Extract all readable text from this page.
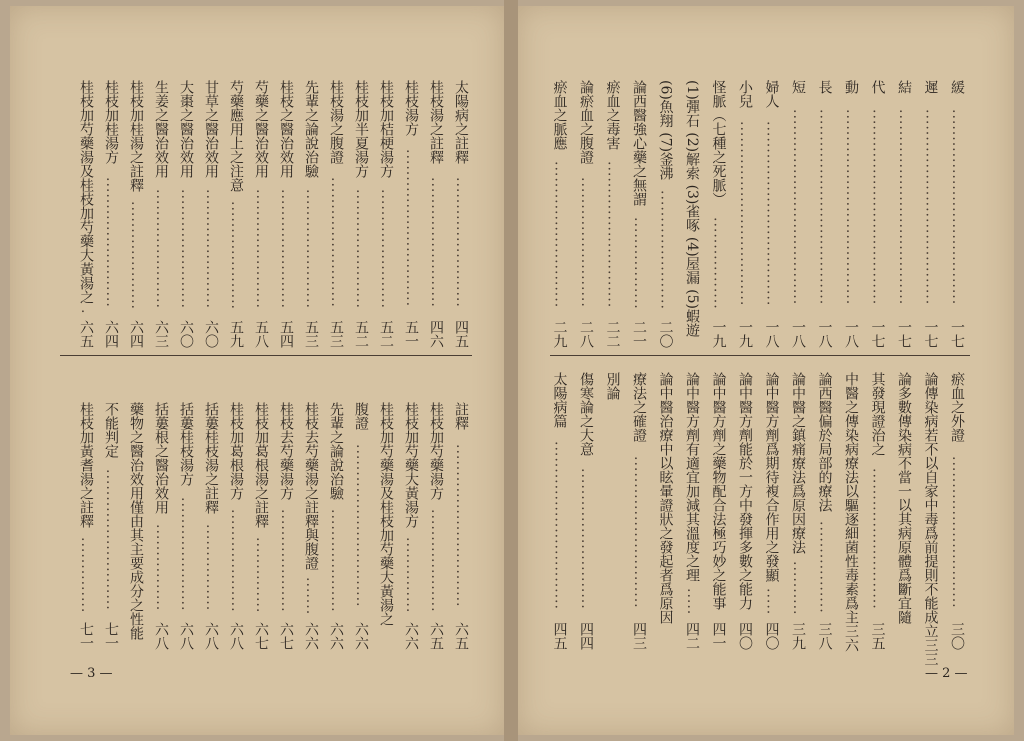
緩
....................................
一七
遲
....................................
一七
結
....................................
一七
代
....................................
一七
動
....................................
一八
長
....................................
一八
短
....................................
一八
婦人
..................................
一八
小兒
..................................
一九
怪脈（七種之死脈）
.................
一九
(1)彈石 (2)解索 (3)雀啄 (4)屋漏 (5)蝦遊
(6)魚翔 (7)釜沸
......................
二〇
論西醫強心藥之無謂
.................
二一
瘀血之毒害
...........................
二二
論瘀血之腹證
........................
二八
瘀血之脈應
...........................
二九
瘀血之外證
............................
三〇
論傳染病若不以自家中毒爲前提則不能成立
三三
論多數傳染病不當一以其病原體爲斷宜隨
其發現證治之
..........................
三五
中醫之傳染病療法以驅逐細菌性毒素爲主
三六
論西醫偏於局部的療法
.................
三八
論中醫之鎮痛療法爲原因療法
..........
三九
論中醫方劑爲期待複合作用之發顯
.....
四〇
論中醫方劑能於一方中發揮多數之能力
四〇
論中醫方劑之藥物配合法極巧妙之能事
四一
論中醫方劑有適宜加減其溫度之理
.....
四二
論中醫治療中以眩暈證狀之發起者爲原因
療法之確證
............................
四三
別論
傷寒論之大意
..........................
四四
太陽病篇
...............................
四五
太陽病之註釋
........................
四五
桂枝湯之註釋
........................
四六
桂枝湯方
.............................
五一
桂枝加桔梗湯方
......................
五二
桂枝加半夏湯方
......................
五二
桂枝湯之腹證
........................
五三
先輩之論說治驗
......................
五三
桂枝之醫治效用
......................
五四
芍藥之醫治效用
......................
五八
芍藥應用上之注意
....................
五九
甘草之醫治效用
......................
六〇
大棗之醫治效用
......................
六〇
生姜之醫治效用
......................
六三
桂枝加桂湯之註釋
....................
六四
桂枝加桂湯方
........................
六四
桂枝加芍藥湯及桂枝加芍藥大黃湯之
.
六五
註釋
..............................
六五
桂枝加芍藥湯方
...................
六五
桂枝加芍藥大黃湯方
..............
六六
桂枝加芍藥湯及桂枝加芍藥大黃湯之
腹證
..............................
六六
先輩之論說治驗
...................
六六
桂枝去芍藥湯之註釋與腹證
.......
六六
桂枝去芍藥湯方
...................
六七
桂枝加葛根湯之註釋
..............
六七
桂枝加葛根湯方
...................
六八
括蔞桂枝湯之註釋
................
六八
括蔞桂枝湯方
.....................
六八
括蔞根之醫治效用
................
六八
藥物之醫治效用僅由其主要成分之性能
不能判定
..........................
七一
桂枝加黃耆湯之註釋
..............
七一
— 2 —
— 3 —
